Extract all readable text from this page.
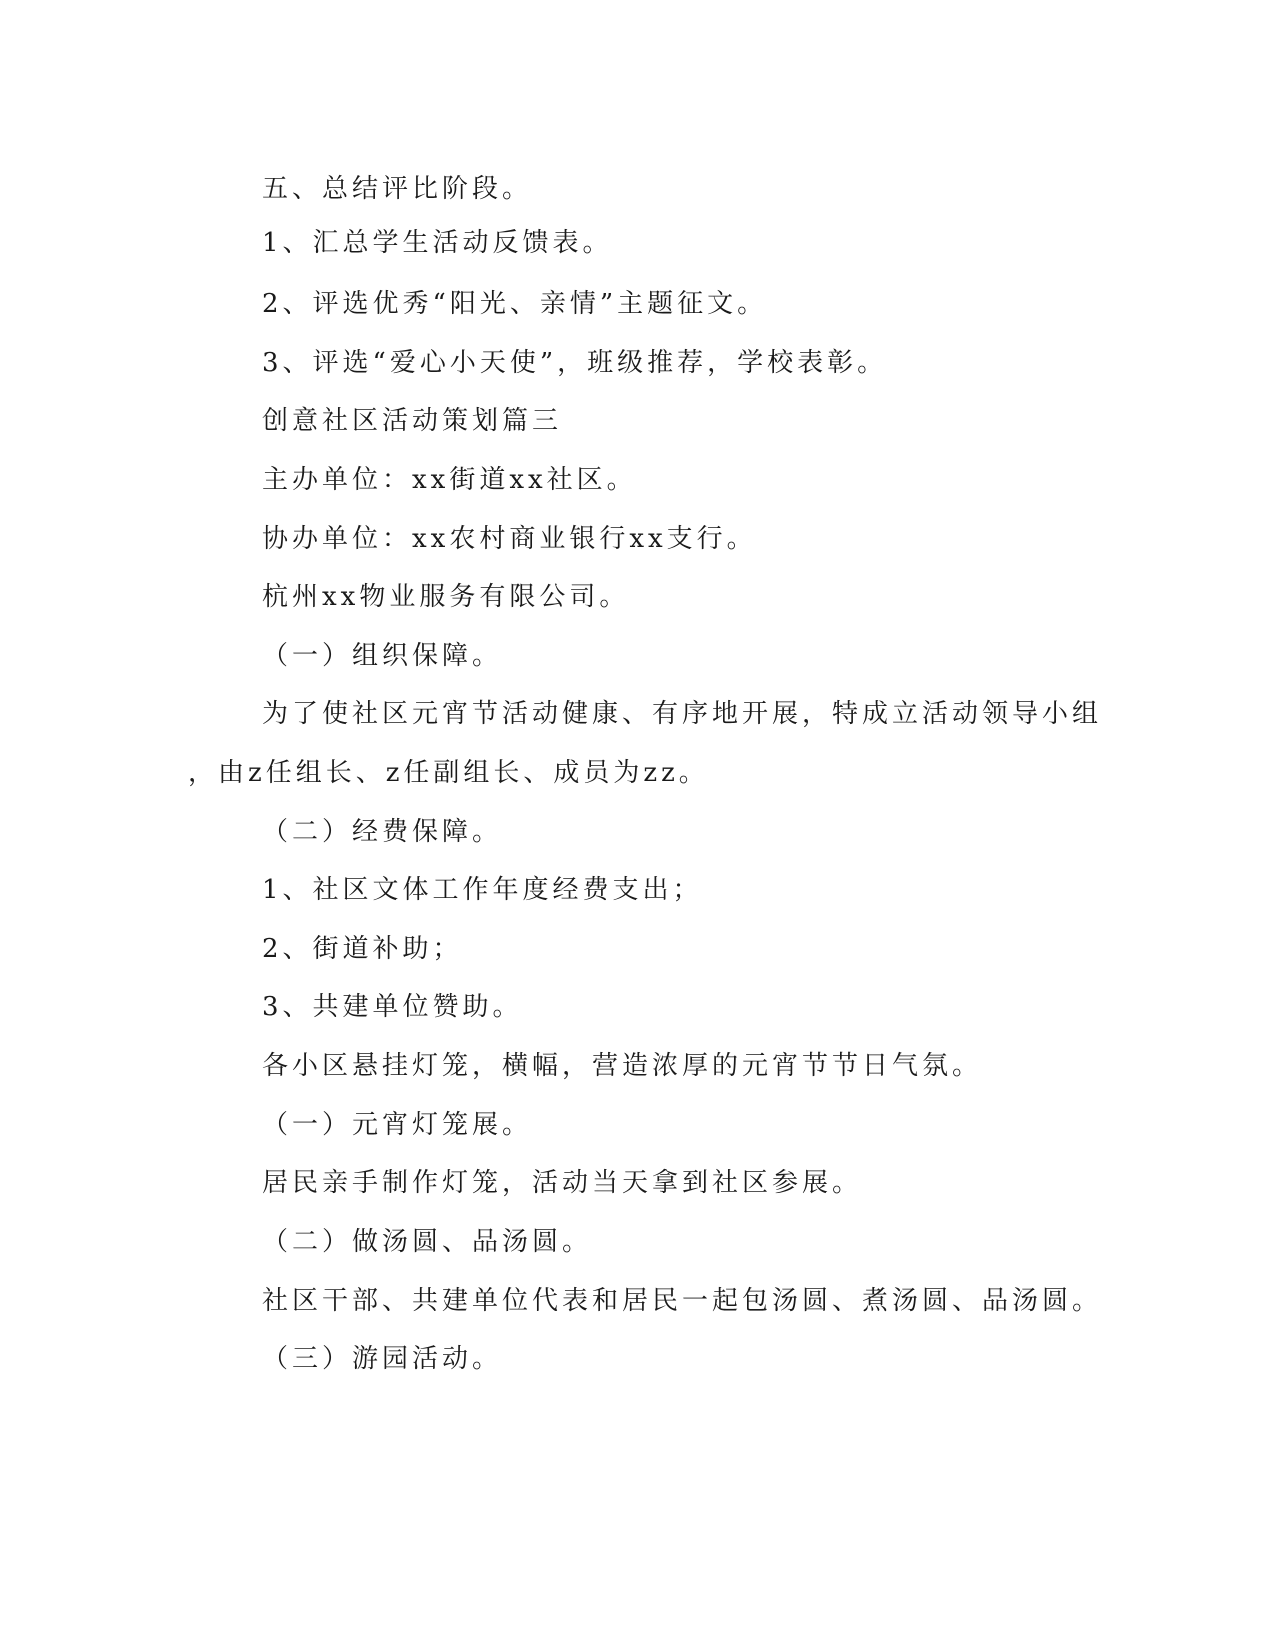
五、总结评比阶段。

1、汇总学生活动反馈表。

2、评选优秀“阳光、亲情”主题征文。

3、评选“爱心小天使”，班级推荐，学校表彰。

创意社区活动策划篇三

主办单位：xx街道xx社区。

协办单位：xx农村商业银行xx支行。

杭州xx物业服务有限公司。

（一）组织保障。

为了使社区元宵节活动健康、有序地开展，特成立活动领导小组

，由z任组长、z任副组长、成员为zz。

（二）经费保障。

1、社区文体工作年度经费支出；

2、街道补助；

3、共建单位赞助。

各小区悬挂灯笼，横幅，营造浓厚的元宵节节日气氛。

（一）元宵灯笼展。

居民亲手制作灯笼，活动当天拿到社区参展。

（二）做汤圆、品汤圆。

社区干部、共建单位代表和居民一起包汤圆、煮汤圆、品汤圆。

（三）游园活动。
